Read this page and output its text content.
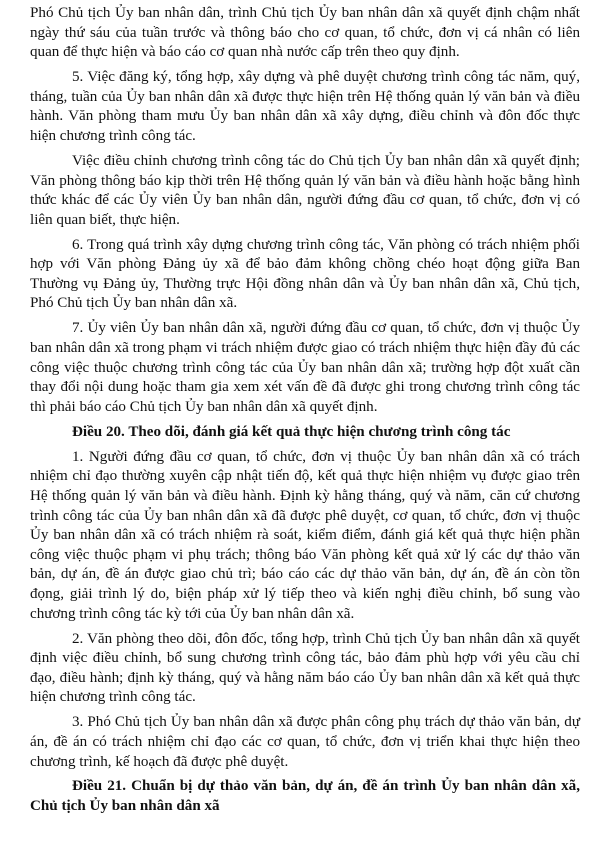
Phó Chủ tịch Ủy ban nhân dân, trình Chủ tịch Ủy ban nhân dân xã quyết định chậm nhất ngày thứ sáu của tuần trước và thông báo cho cơ quan, tổ chức, đơn vị cá nhân có liên quan để thực hiện và báo cáo cơ quan nhà nước cấp trên theo quy định.

5. Việc đăng ký, tổng hợp, xây dựng và phê duyệt chương trình công tác năm, quý, tháng, tuần của Ủy ban nhân dân xã được thực hiện trên Hệ thống quản lý văn bản và điều hành. Văn phòng tham mưu Ủy ban nhân dân xã xây dựng, điều chỉnh và đôn đốc thực hiện chương trình công tác.

Việc điều chỉnh chương trình công tác do Chủ tịch Ủy ban nhân dân xã quyết định; Văn phòng thông báo kịp thời trên Hệ thống quản lý văn bản và điều hành hoặc bằng hình thức khác để các Ủy viên Ủy ban nhân dân, người đứng đầu cơ quan, tổ chức, đơn vị có liên quan biết, thực hiện.

6. Trong quá trình xây dựng chương trình công tác, Văn phòng có trách nhiệm phối hợp với Văn phòng Đảng ủy xã để bảo đảm không chồng chéo hoạt động giữa Ban Thường vụ Đảng ủy, Thường trực Hội đồng nhân dân và Ủy ban nhân dân xã, Chủ tịch, Phó Chủ tịch Ủy ban nhân dân xã.

7. Ủy viên Ủy ban nhân dân xã, người đứng đầu cơ quan, tổ chức, đơn vị thuộc Ủy ban nhân dân xã trong phạm vi trách nhiệm được giao có trách nhiệm thực hiện đầy đủ các công việc thuộc chương trình công tác của Ủy ban nhân dân xã; trường hợp đột xuất cần thay đổi nội dung hoặc tham gia xem xét vấn đề đã được ghi trong chương trình công tác thì phải báo cáo Chủ tịch Ủy ban nhân dân xã quyết định.

Điều 20. Theo dõi, đánh giá kết quả thực hiện chương trình công tác

1. Người đứng đầu cơ quan, tổ chức, đơn vị thuộc Ủy ban nhân dân xã có trách nhiệm chỉ đạo thường xuyên cập nhật tiến độ, kết quả thực hiện nhiệm vụ được giao trên Hệ thống quản lý văn bản và điều hành. Định kỳ hằng tháng, quý và năm, căn cứ chương trình công tác của Ủy ban nhân dân xã đã được phê duyệt, cơ quan, tổ chức, đơn vị thuộc Ủy ban nhân dân xã có trách nhiệm rà soát, kiểm điểm, đánh giá kết quả thực hiện phần công việc thuộc phạm vi phụ trách; thông báo Văn phòng kết quả xử lý các dự thảo văn bản, dự án, đề án được giao chủ trì; báo cáo các dự thảo văn bản, dự án, đề án còn tồn đọng, giải trình lý do, biện pháp xử lý tiếp theo và kiến nghị điều chỉnh, bổ sung vào chương trình công tác kỳ tới của Ủy ban nhân dân xã.

2. Văn phòng theo dõi, đôn đốc, tổng hợp, trình Chủ tịch Ủy ban nhân dân xã quyết định việc điều chỉnh, bổ sung chương trình công tác, bảo đảm phù hợp với yêu cầu chỉ đạo, điều hành; định kỳ tháng, quý và hằng năm báo cáo Ủy ban nhân dân xã kết quả thực hiện chương trình công tác.

3. Phó Chủ tịch Ủy ban nhân dân xã được phân công phụ trách dự thảo văn bản, dự án, đề án có trách nhiệm chỉ đạo các cơ quan, tổ chức, đơn vị triển khai thực hiện theo chương trình, kế hoạch đã được phê duyệt.

Điều 21. Chuẩn bị dự thảo văn bản, dự án, đề án trình Ủy ban nhân dân xã, Chủ tịch Ủy ban nhân dân xã
